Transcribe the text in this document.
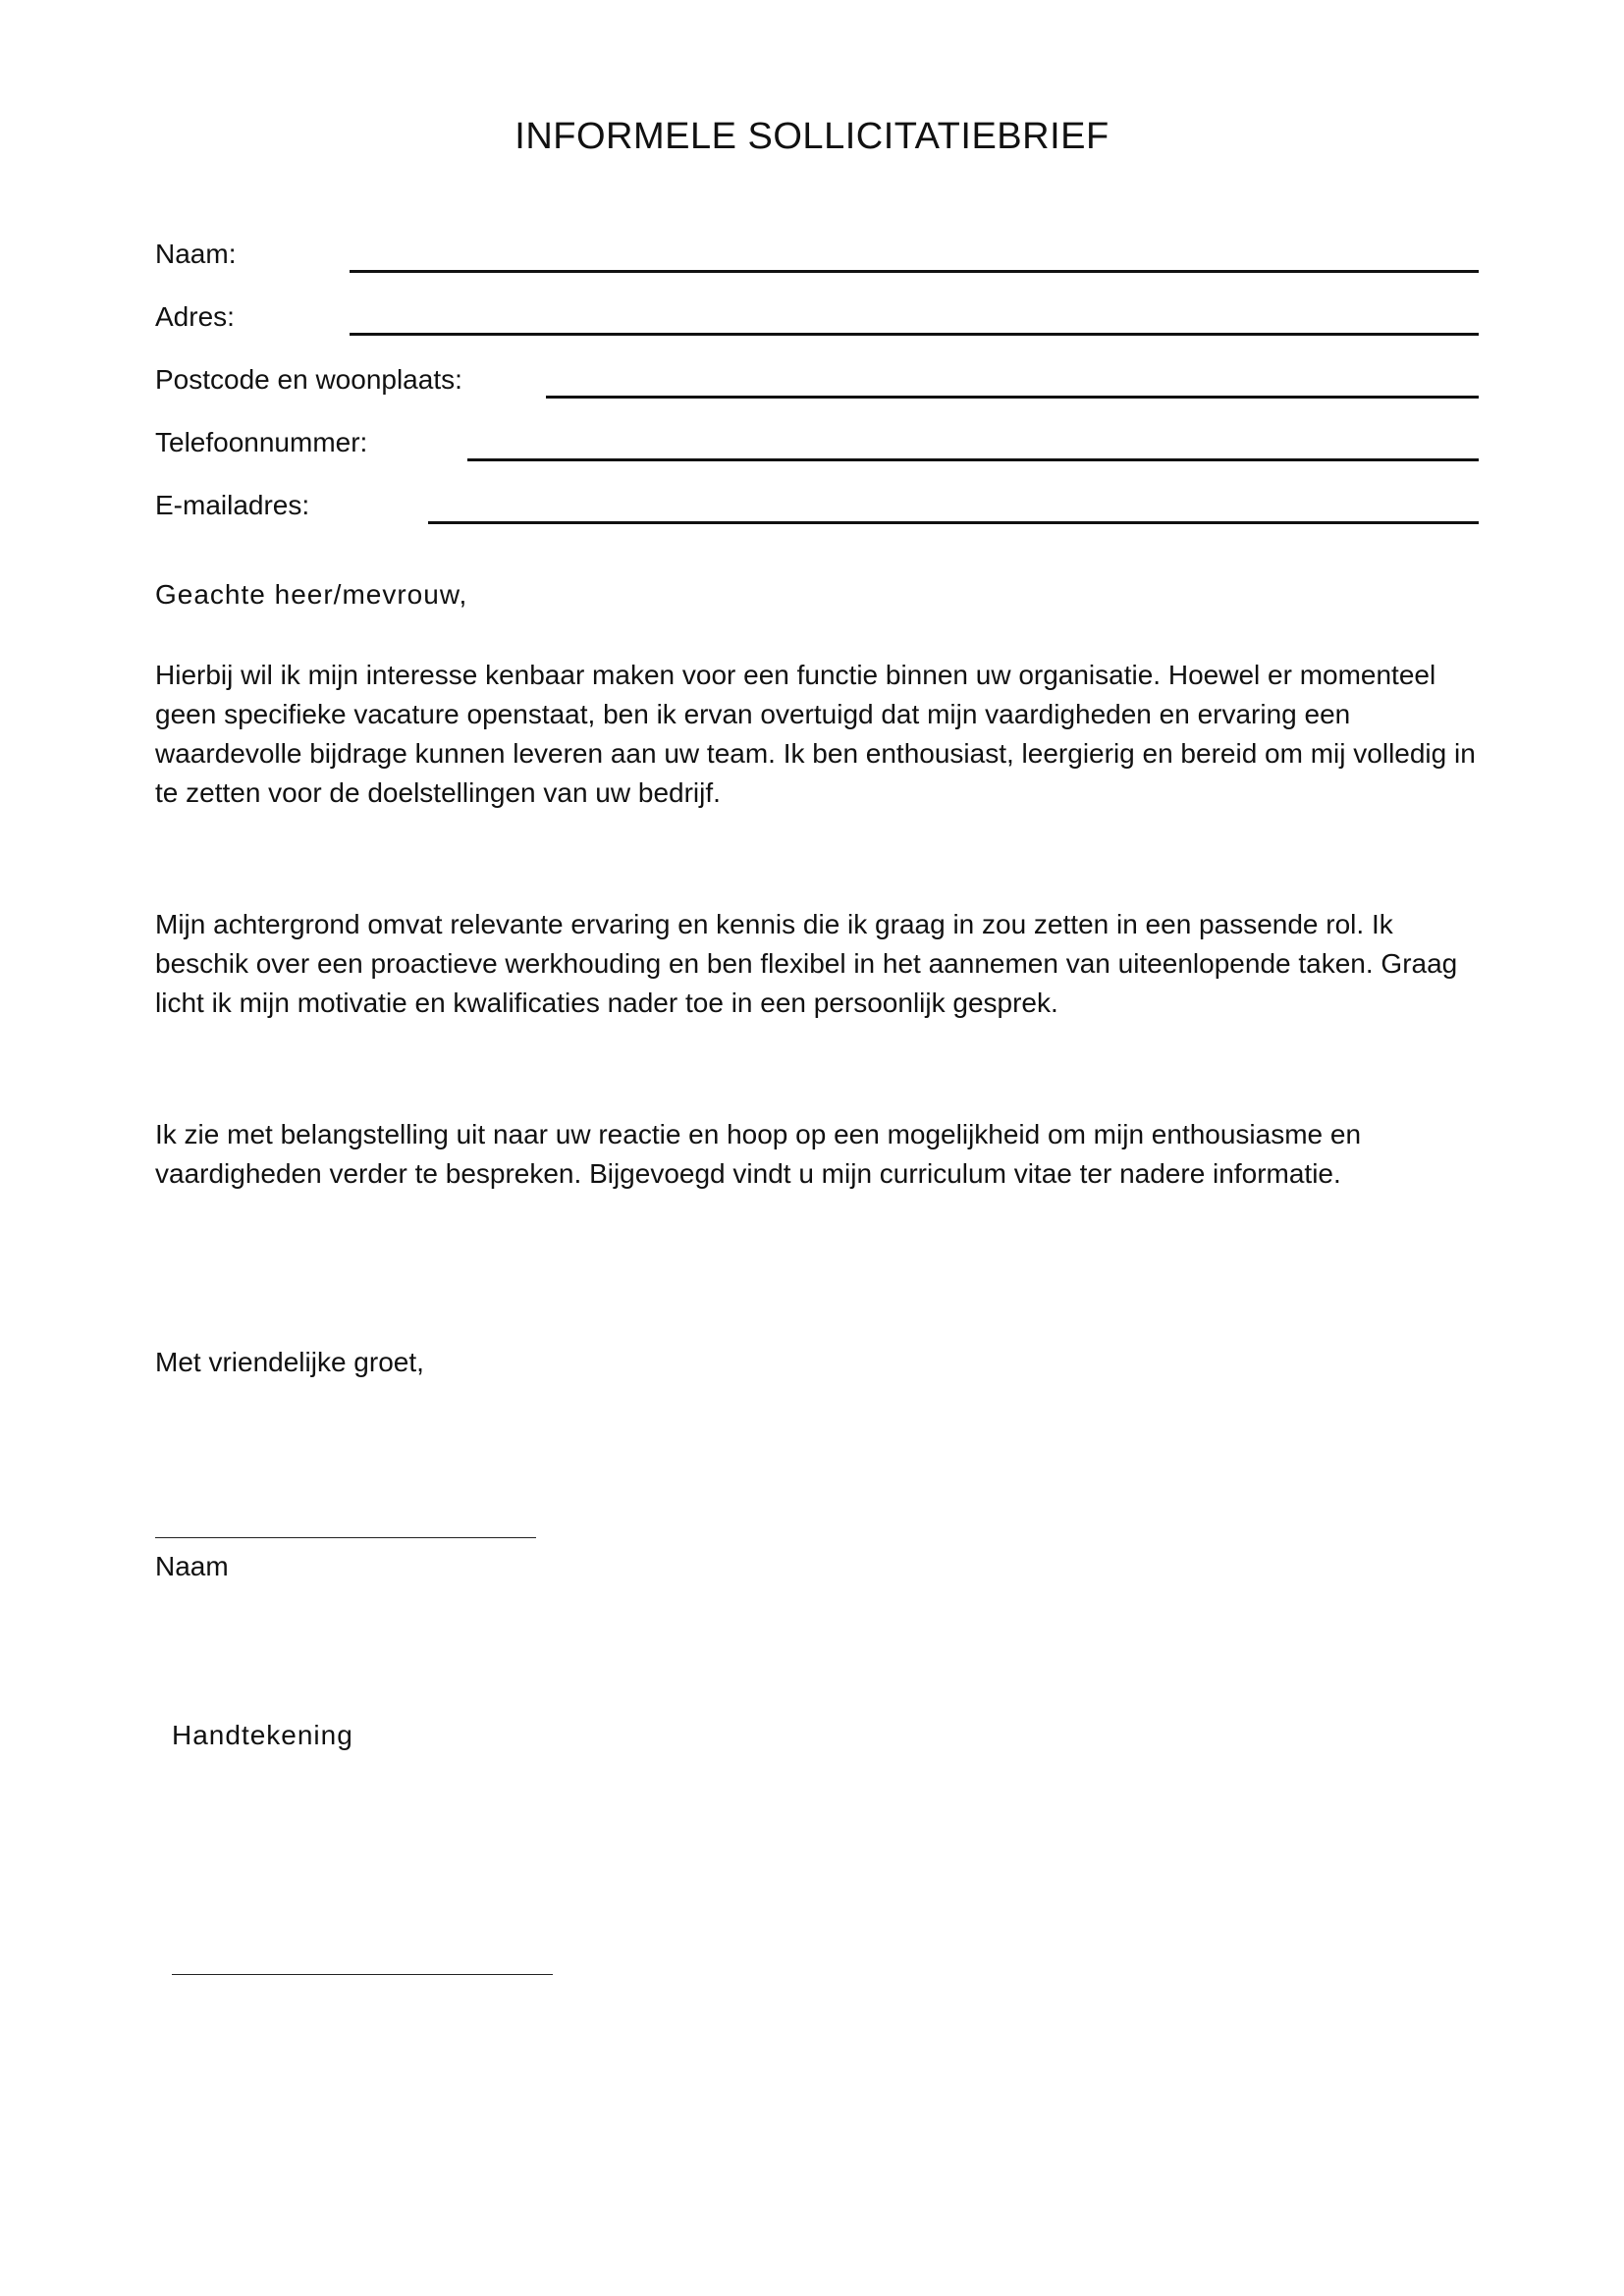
INFORMELE SOLLICITATIEBRIEF
Naam:
Adres:
Postcode en woonplaats:
Telefoonnummer:
E-mailadres:
Geachte heer/mevrouw,

Hierbij wil ik mijn interesse kenbaar maken voor een functie binnen uw organisatie. Hoewel er momenteel geen specifieke vacature openstaat, ben ik ervan overtuigd dat mijn vaardigheden en ervaring een waardevolle bijdrage kunnen leveren aan uw team. Ik ben enthousiast, leergierig en bereid om mij volledig in te zetten voor de doelstellingen van uw bedrijf.

Mijn achtergrond omvat relevante ervaring en kennis die ik graag in zou zetten in een passende rol. Ik beschik over een proactieve werkhouding en ben flexibel in het aannemen van uiteenlopende taken. Graag licht ik mijn motivatie en kwalificaties nader toe in een persoonlijk gesprek.

Ik zie met belangstelling uit naar uw reactie en hoop op een mogelijkheid om mijn enthousiasme en vaardigheden verder te bespreken. Bijgevoegd vindt u mijn curriculum vitae ter nadere informatie.

Met vriendelijke groet,
Naam
Handtekening
